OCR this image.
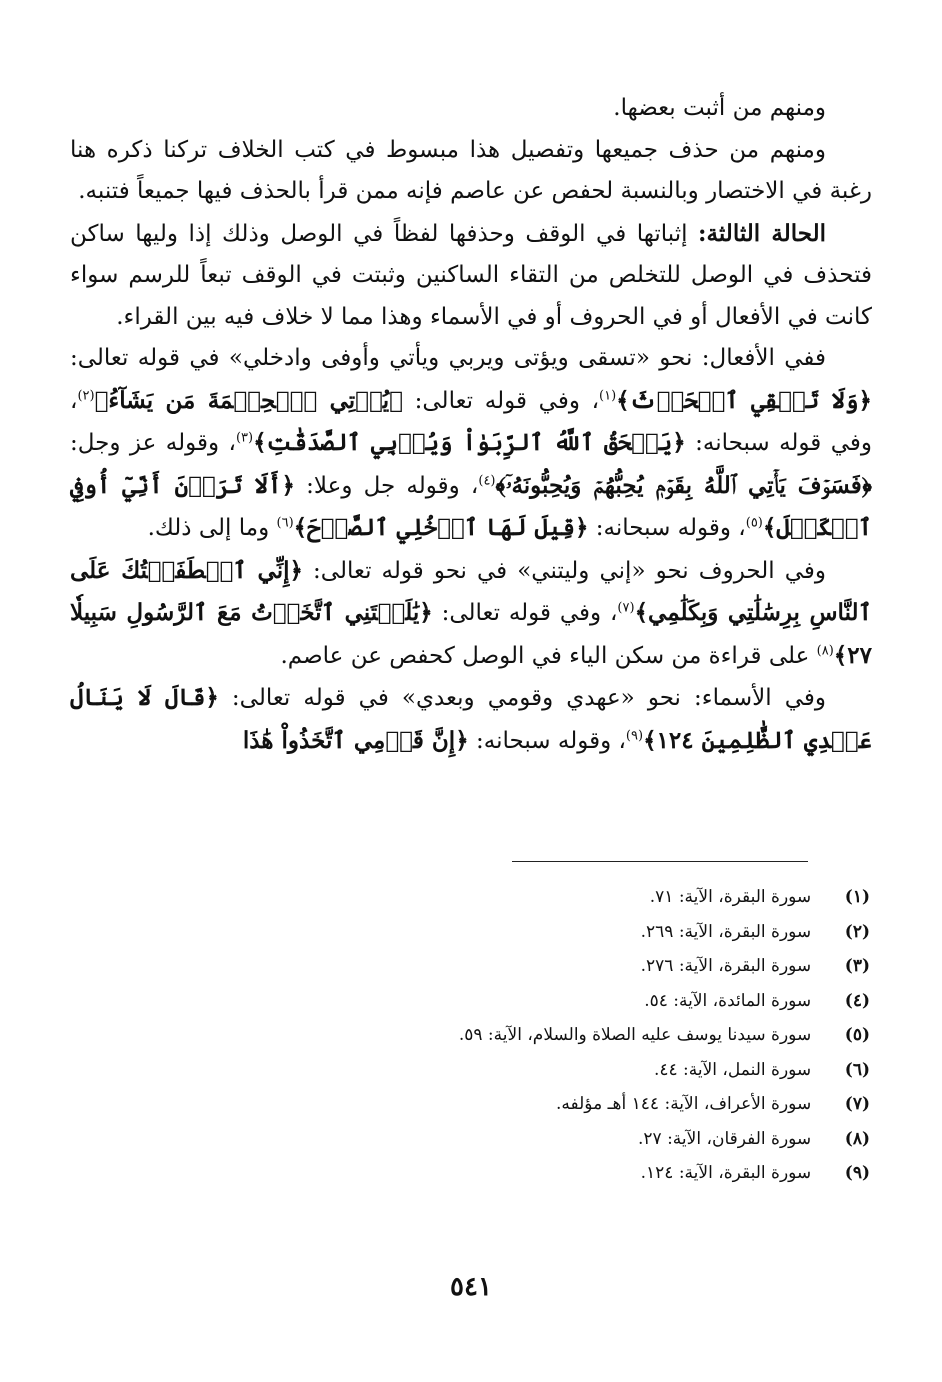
ومنهم من أثبت بعضها.

ومنهم من حذف جميعها وتفصيل هذا مبسوط في كتب الخلاف تركنا ذكره هنا رغبة في الاختصار وبالنسبة لحفص عن عاصم فإنه ممن قرأ بالحذف فيها جميعاً فتنبه.

الحالة الثالثة: إثباتها في الوقف وحذفها لفظاً في الوصل وذلك إذا وليها ساكن فتحذف في الوصل للتخلص من التقاء الساكنين وثبتت في الوقف تبعاً للرسم سواء كانت في الأفعال أو في الحروف أو في الأسماء وهذا مما لا خلاف فيه بين القراء.

ففي الأفعال: نحو «تسقى ويؤتى ويربي ويأتي وأوفى وادخلي» في قوله تعالى: ﴿وَلَا تَسۡقِي ٱلۡحَرۡثَ﴾$^{(١)}$، وفي قوله تعالى: ﴿يُؤۡتِي ٱلۡحِكۡمَةَ مَن يَشَآءُ﴾$^{(٢)}$، وفي قوله سبحانه: ﴿يَمۡحَقُ ٱللَّهُ ٱلرِّبَوٰاْ وَيُرۡبِي ٱلصَّدَقَٰتِ﴾$^{(٣)}$، وقوله عز وجل: ﴿فَسَوۡفَ يَأۡتِي ٱللَّهُ بِقَوۡمٖ يُحِبُّهُمۡ وَيُحِبُّونَهُۥٓ﴾$^{(٤)}$، وقوله جل وعلا: ﴿أَلَا تَرَوۡنَ أَنِّيٓ أُوفِي ٱلۡكَيۡلَ﴾$^{(٥)}$، وقوله سبحانه: ﴿قِيلَ لَهَا ٱدۡخُلِي ٱلصَّرۡحَ﴾$^{(٦)}$ وما إلى ذلك.

وفي الحروف نحو «إني وليتني» في نحو قوله تعالى: ﴿إِنِّي ٱصۡطَفَيۡتُكَ عَلَى ٱلنَّاسِ بِرِسَٰلَٰتِي وَبِكَلَٰمِي﴾$^{(٧)}$، وفي قوله تعالى: ﴿يَٰلَيۡتَنِي ٱتَّخَذۡتُ مَعَ ٱلرَّسُولِ سَبِيلٗا ٢٧﴾$^{(٨)}$ على قراءة من سكن الياء في الوصل كحفص عن عاصم.

وفي الأسماء: نحو «عهدي وقومي وبعدي» في قوله تعالى: ﴿قَالَ لَا يَنَالُ عَهۡدِي ٱلظَّٰلِمِينَ ١٢٤﴾$^{(٩)}$، وقوله سبحانه: ﴿إِنَّ قَوۡمِي ٱتَّخَذُواْ هَٰذَا

(١)  سورة البقرة، الآية: ٧١.
(٢)  سورة البقرة، الآية: ٢٦٩.
(٣)  سورة البقرة، الآية: ٢٧٦.
(٤)  سورة المائدة، الآية: ٥٤.
(٥)  سورة سيدنا يوسف عليه الصلاة والسلام، الآية: ٥٩.
(٦)  سورة النمل، الآية: ٤٤.
(٧)  سورة الأعراف، الآية: ١٤٤ أهـ مؤلفه.
(٨)  سورة الفرقان، الآية: ٢٧.
(٩)  سورة البقرة، الآية: ١٢٤.
٥٤١
